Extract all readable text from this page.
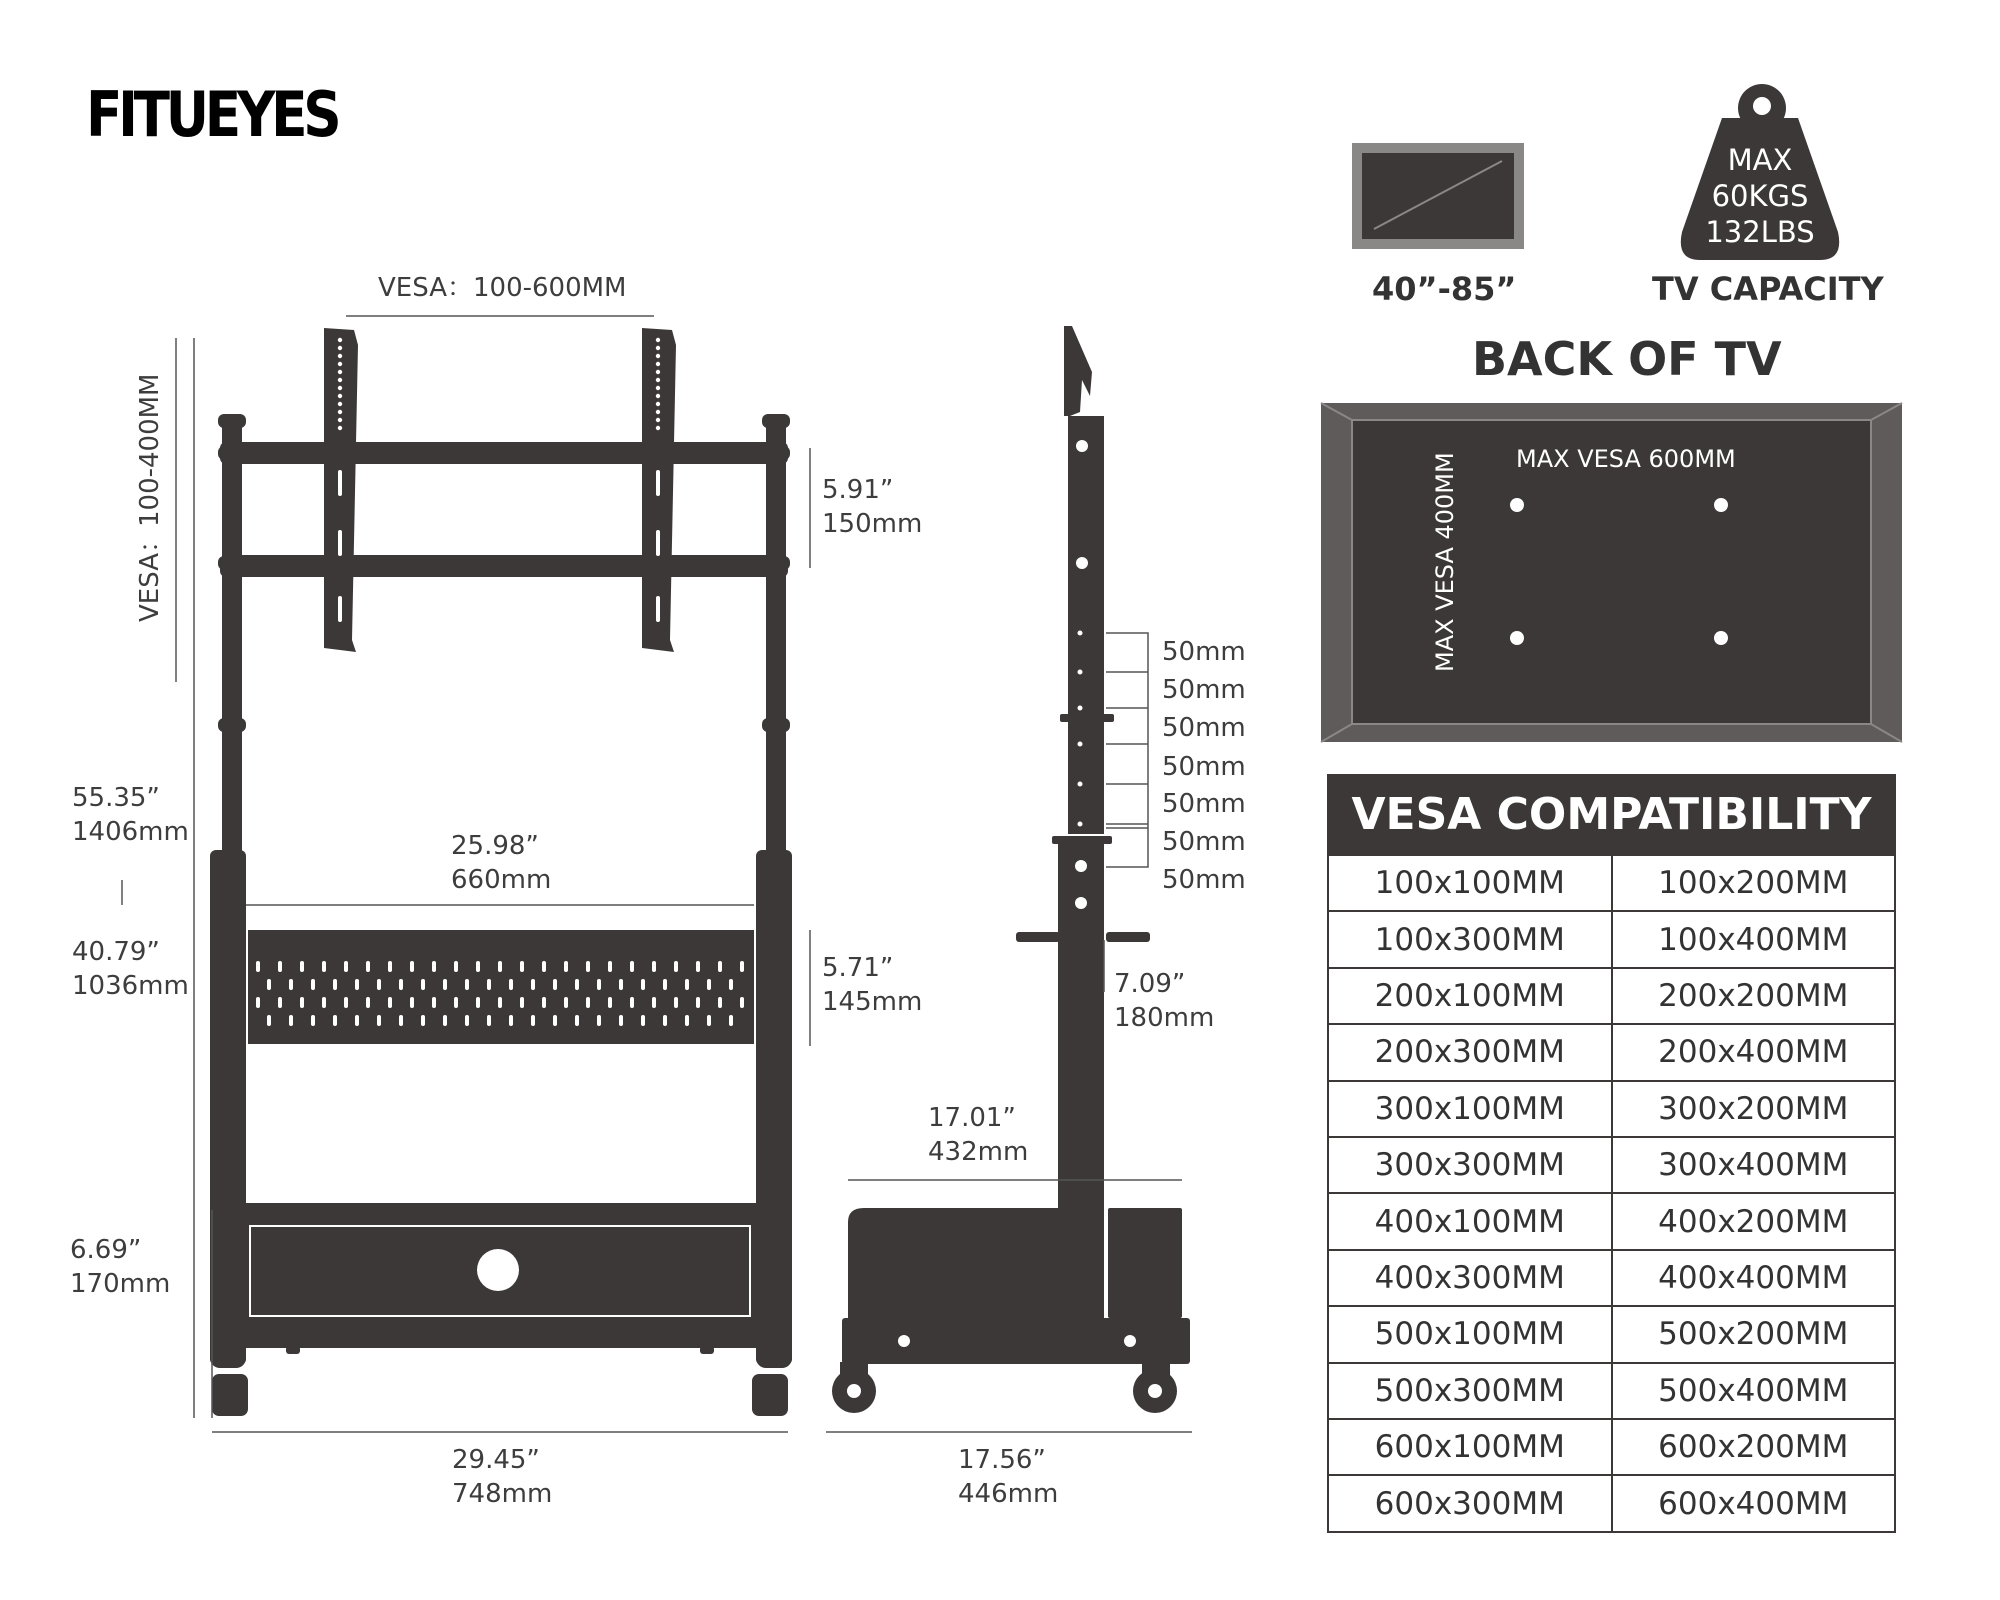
FITUEYES

VESA：100-600MM

VESA：100-400MM	5.91”

150mm

55.35”

1406mm

40.79”

1036mm

25.98”

660mm

5.71”

145mm

6.69”

170mm

29.45”

748mm

50mm

50mm

50mm

50mm

50mm

50mm

50mm

7.09”

180mm

17.01”

432mm

17.56”

446mm

40”-85”

MAX
60KGS
132LBS

TV CAPACITY

BACK OF TV

MAX VESA 600MM

MAX VESA 400MM

VESA COMPATIBILITY
100x100MM	100x200MM
100x300MM	100x400MM
200x100MM	200x200MM
200x300MM	200x400MM
300x100MM	300x200MM
300x300MM	300x400MM
400x100MM	400x200MM
400x300MM	400x400MM
500x100MM	500x200MM
500x300MM	500x400MM
600x100MM	600x200MM
600x300MM	600x400MM
